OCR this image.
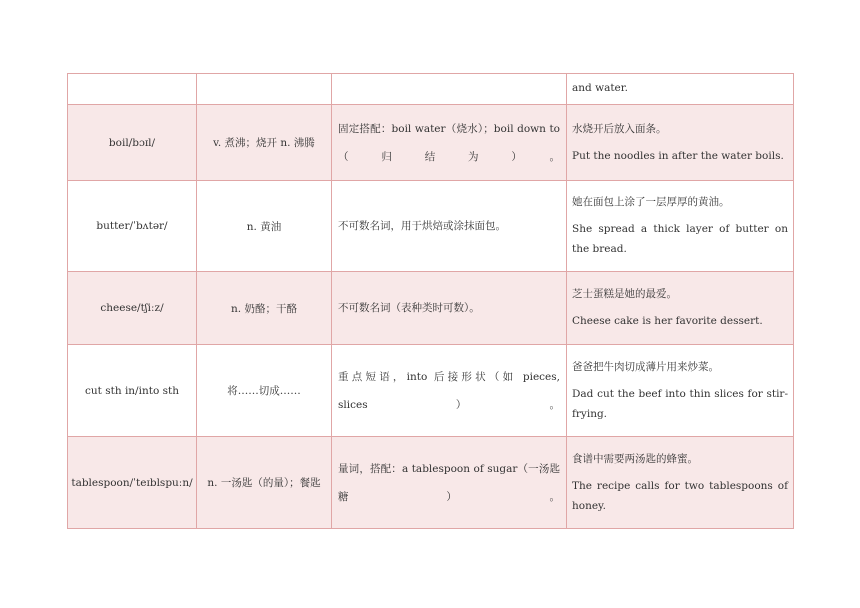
			and water.

boil/bɔɪl/	v. 煮沸；烧开 n. 沸腾	固定搭配：boil water（烧水）；boil down to（归结为）。	水烧开后放入面条。
Put the noodles in after the water boils.

butter/ˈbʌtər/	n. 黄油	不可数名词，用于烘焙或涂抹面包。	她在面包上涂了一层厚厚的黄油。
She spread a thick layer of butter on the bread.

cheese/tʃiːz/	n. 奶酪；干酪	不可数名词（表种类时可数）。	芝士蛋糕是她的最爱。
Cheese cake is her favorite dessert.

cut sth in/into sth	将……切成……	重点短语，into 后接形状（如 pieces, slices）。	爸爸把牛肉切成薄片用来炒菜。
Dad cut the beef into thin slices for stir-frying.

tablespoon/ˈteɪblspuːn/	n. 一汤匙（的量）；餐匙	量词，搭配：a tablespoon of sugar（一汤匙糖）。	食谱中需要两汤匙的蜂蜜。
The recipe calls for two tablespoons of honey.
